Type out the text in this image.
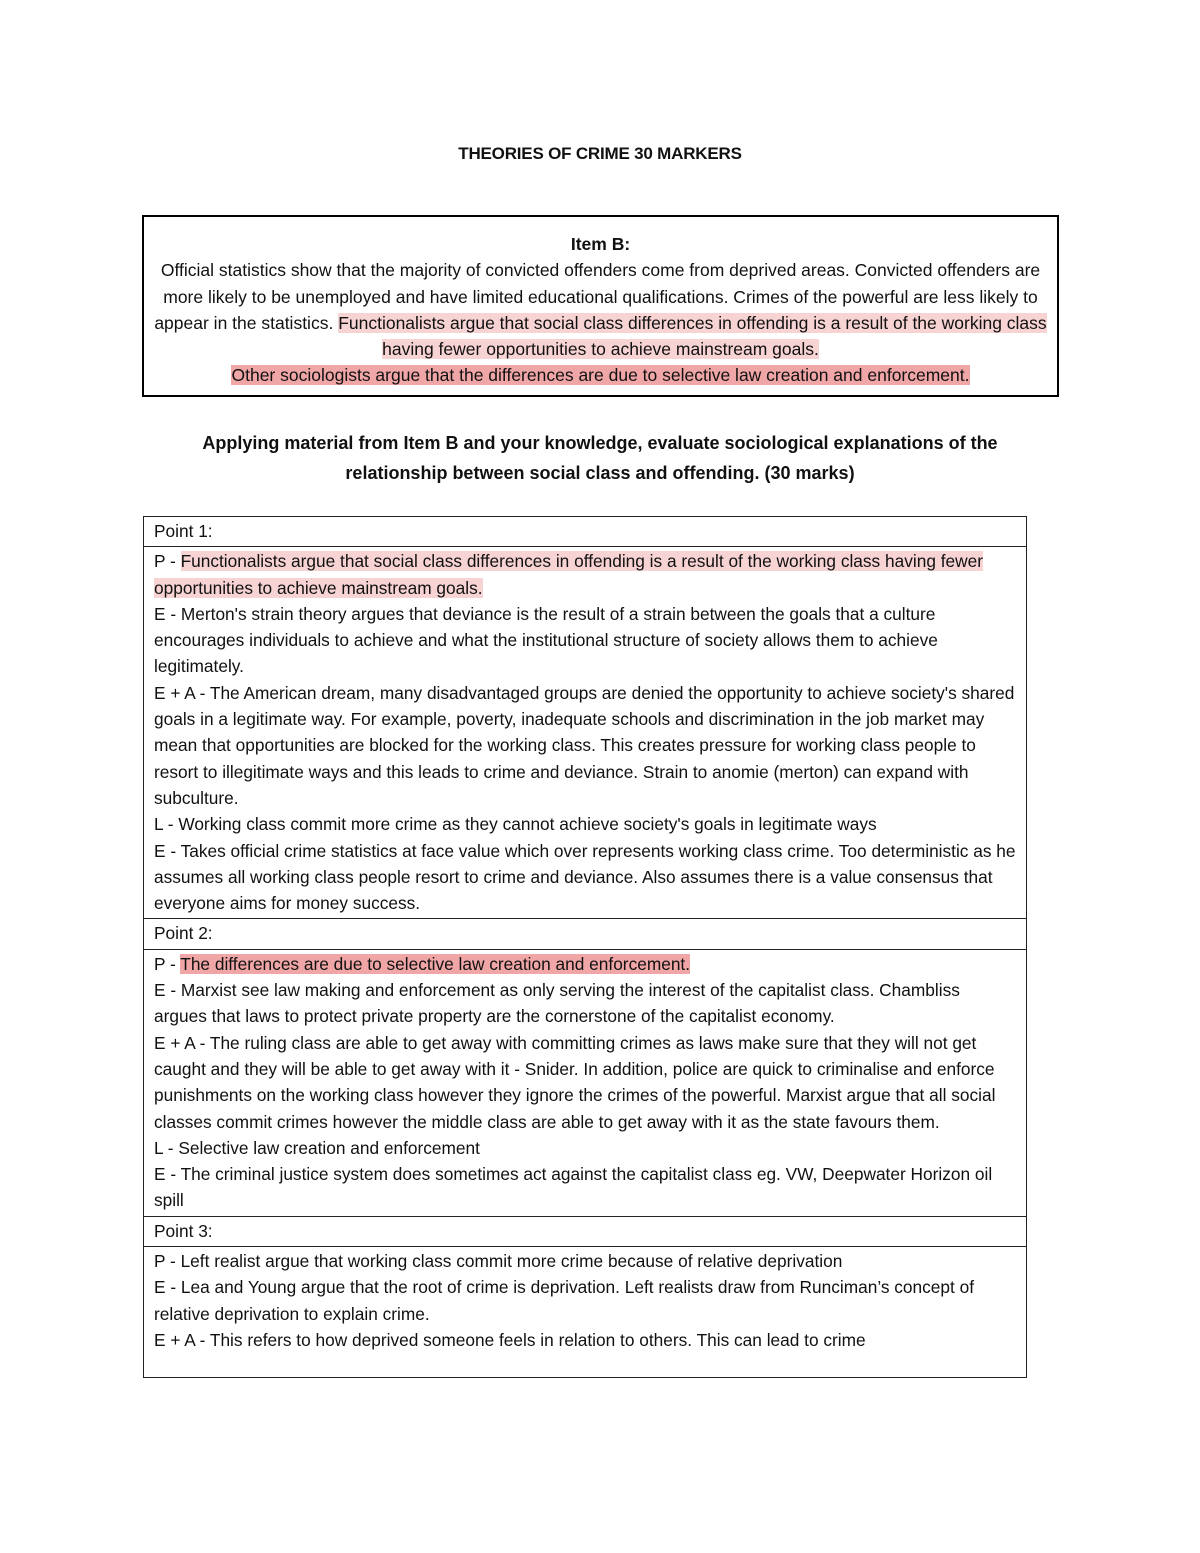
THEORIES OF CRIME 30 MARKERS
Item B:
Official statistics show that the majority of convicted offenders come from deprived areas. Convicted offenders are more likely to be unemployed and have limited educational qualifications. Crimes of the powerful are less likely to appear in the statistics. Functionalists argue that social class differences in offending is a result of the working class having fewer opportunities to achieve mainstream goals.
Other sociologists argue that the differences are due to selective law creation and enforcement.
Applying material from Item B and your knowledge, evaluate sociological explanations of the relationship between social class and offending. (30 marks)
Point 1:

P - Functionalists argue that social class differences in offending is a result of the working class having fewer opportunities to achieve mainstream goals.
E - Merton's strain theory argues that deviance is the result of a strain between the goals that a culture encourages individuals to achieve and what the institutional structure of society allows them to achieve legitimately.
E + A - The American dream, many disadvantaged groups are denied the opportunity to achieve society's shared goals in a legitimate way. For example, poverty, inadequate schools and discrimination in the job market may mean that opportunities are blocked for the working class. This creates pressure for working class people to resort to illegitimate ways and this leads to crime and deviance. Strain to anomie (merton) can expand with subculture.
L - Working class commit more crime as they cannot achieve society's goals in legitimate ways
E - Takes official crime statistics at face value which over represents working class crime. Too deterministic as he assumes all working class people resort to crime and deviance. Also assumes there is a value consensus that everyone aims for money success.

Point 2:

P - The differences are due to selective law creation and enforcement.
E - Marxist see law making and enforcement as only serving the interest of the capitalist class. Chambliss argues that laws to protect private property are the cornerstone of the capitalist economy.
E + A - The ruling class are able to get away with committing crimes as laws make sure that they will not get caught and they will be able to get away with it - Snider. In addition, police are quick to criminalise and enforce punishments on the working class however they ignore the crimes of the powerful. Marxist argue that all social classes commit crimes however the middle class are able to get away with it as the state favours them.
L - Selective law creation and enforcement
E - The criminal justice system does sometimes act against the capitalist class eg. VW, Deepwater Horizon oil spill

Point 3:

P - Left realist argue that working class commit more crime because of relative deprivation
E - Lea and Young argue that the root of crime is deprivation. Left realists draw from Runciman’s concept of relative deprivation to explain crime.
E + A - This refers to how deprived someone feels in relation to others. This can lead to crime
